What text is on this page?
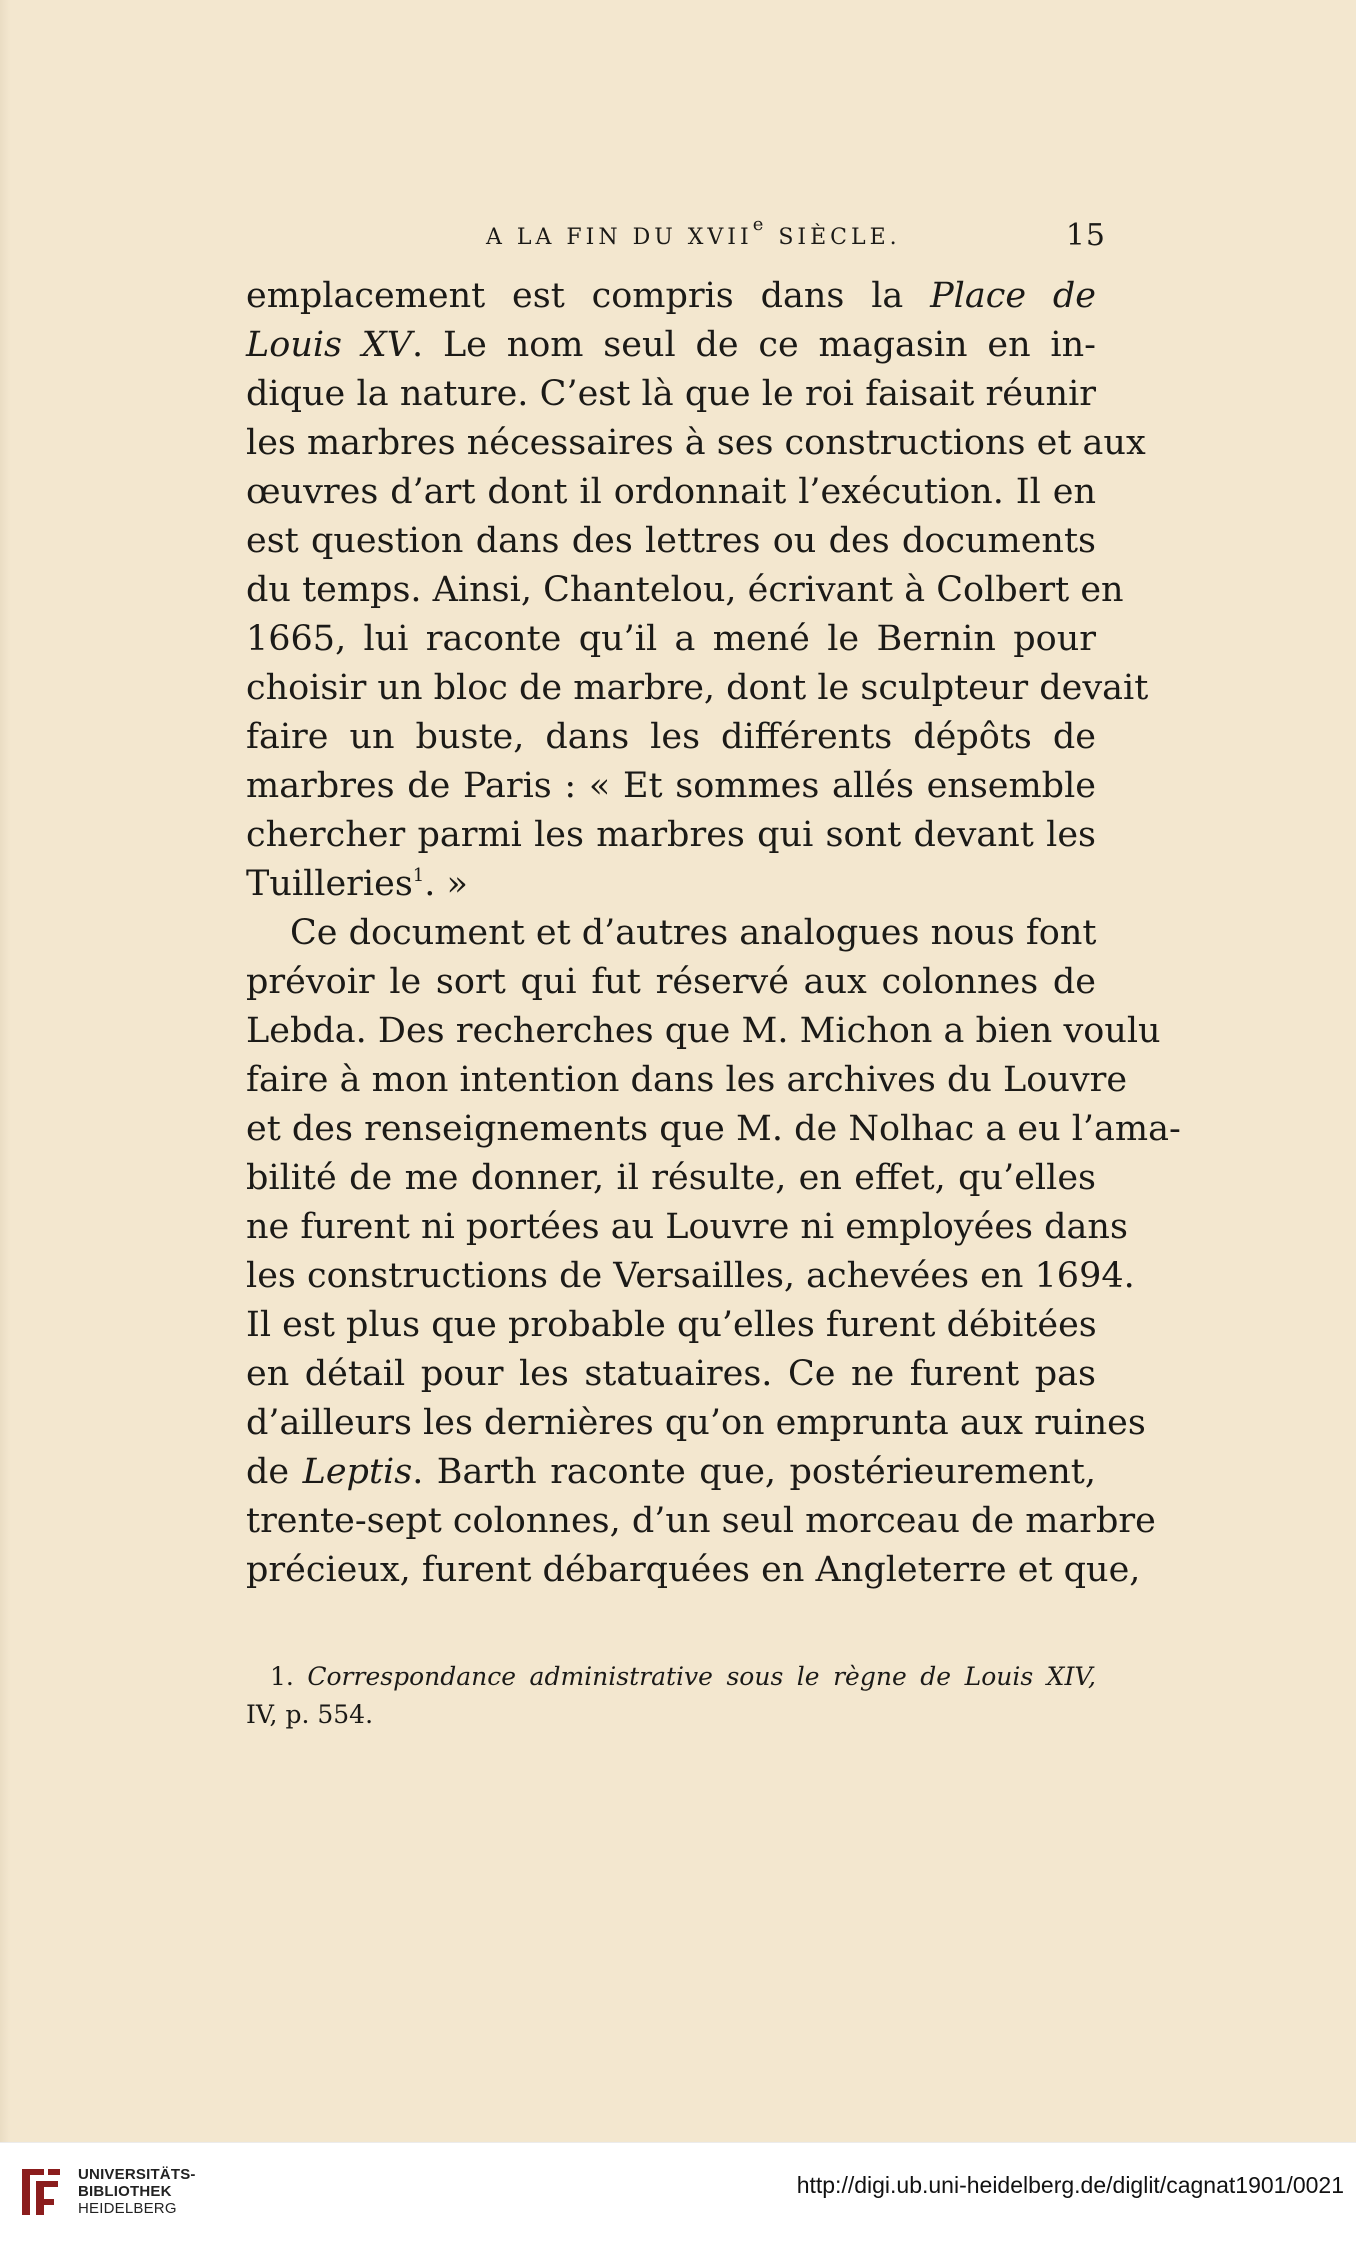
A LA FIN DU XVIIe SIÈCLE.	15
emplacement est compris dans la Place de
Louis XV. Le nom seul de ce magasin en in-
dique la nature. C’est là que le roi faisait réunir
les marbres nécessaires à ses constructions et aux
œuvres d’art dont il ordonnait l’exécution. Il en
est question dans des lettres ou des documents
du temps. Ainsi, Chantelou, écrivant à Colbert en
1665, lui raconte qu’il a mené le Bernin pour
choisir un bloc de marbre, dont le sculpteur devait
faire un buste, dans les différents dépôts de
marbres de Paris : « Et sommes allés ensemble
chercher parmi les marbres qui sont devant les
Tuilleries$^1$. »
Ce document et d’autres analogues nous font
prévoir le sort qui fut réservé aux colonnes de
Lebda. Des recherches que M. Michon a bien voulu
faire à mon intention dans les archives du Louvre
et des renseignements que M. de Nolhac a eu l’ama-
bilité de me donner, il résulte, en effet, qu’elles
ne furent ni portées au Louvre ni employées dans
les constructions de Versailles, achevées en 1694.
Il est plus que probable qu’elles furent débitées
en détail pour les statuaires. Ce ne furent pas
d’ailleurs les dernières qu’on emprunta aux ruines
de Leptis. Barth raconte que, postérieurement,
trente-sept colonnes, d’un seul morceau de marbre
précieux, furent débarquées en Angleterre et que,
1. Correspondance administrative sous le règne de Louis XIV,
IV, p. 554.
UNIVERSITÄTS-
BIBLIOTHEK
HEIDELBERG
http://digi.ub.uni-heidelberg.de/diglit/cagnat1901/0021
